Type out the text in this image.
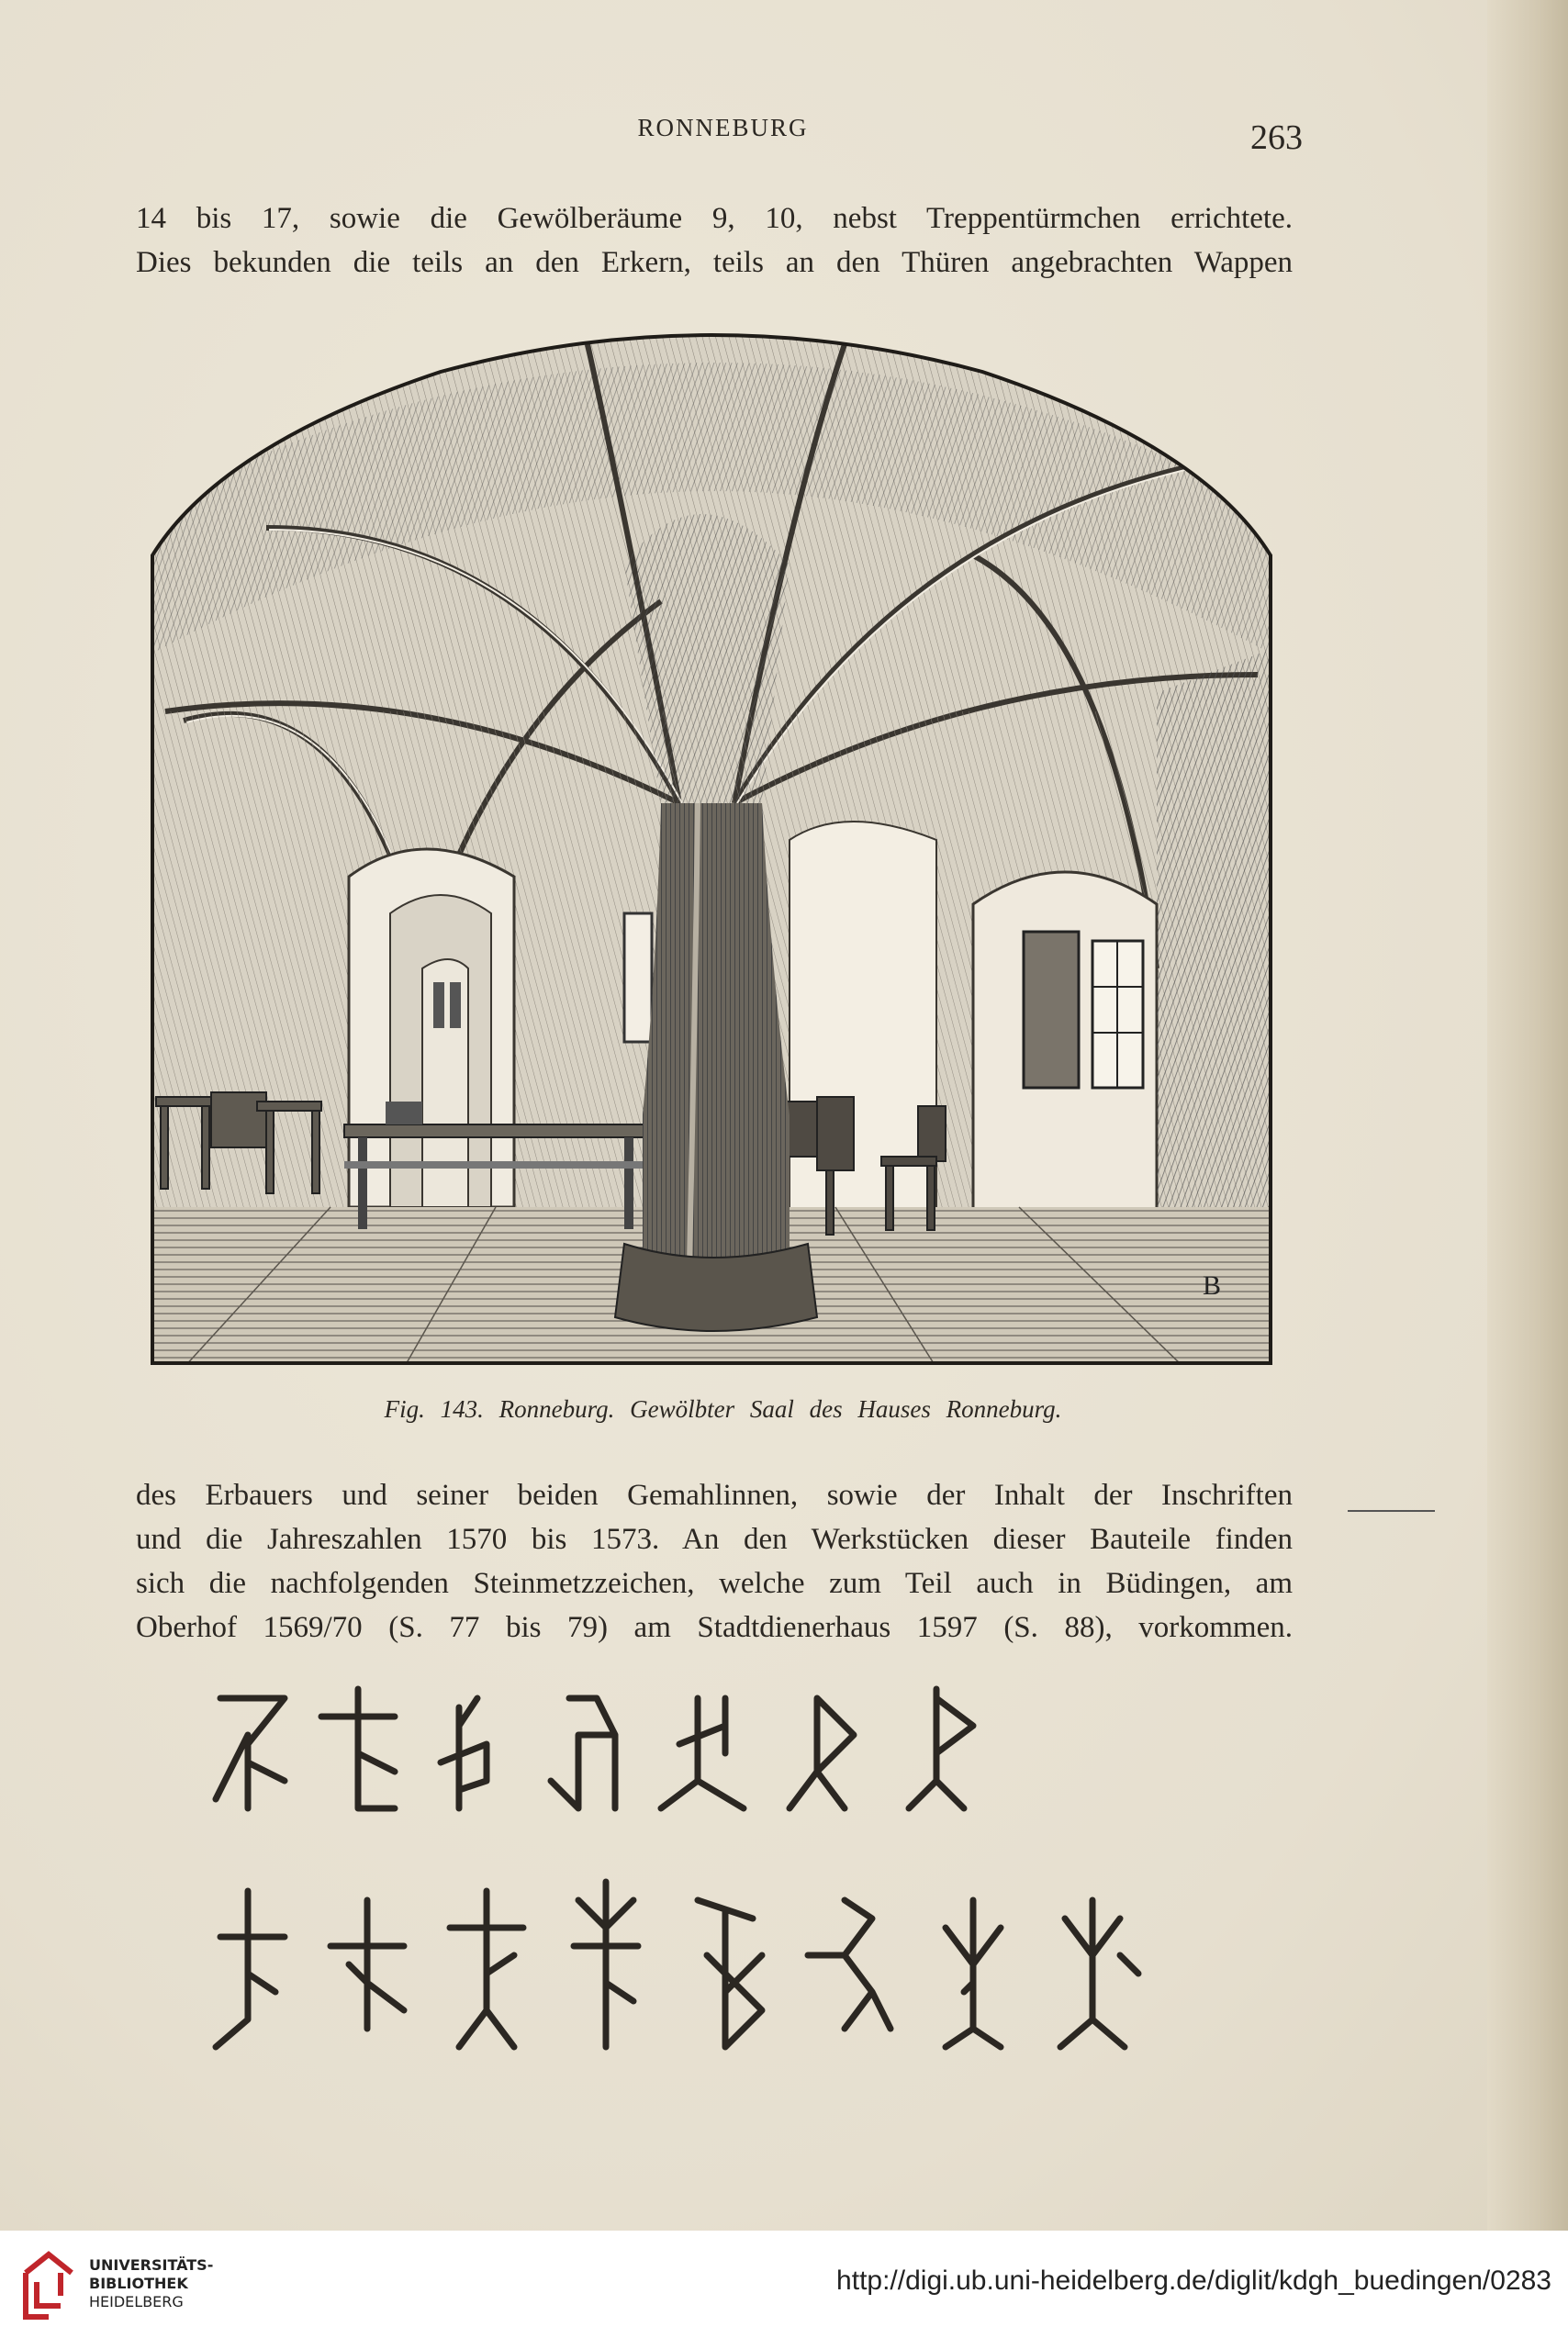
RONNEBURG	263
14 bis 17, sowie die Gewölberäume 9, 10, nebst Treppentürmchen errichtete.
Dies bekunden die teils an den Erkern, teils an den Thüren angebrachten Wappen
B
Fig. 143. Ronneburg. Gewölbter Saal des Hauses Ronneburg.
des Erbauers und seiner beiden Gemahlinnen, sowie der Inhalt der Inschriften
und die Jahreszahlen 1570 bis 1573. An den Werkstücken dieser Bauteile finden
sich die nachfolgenden Steinmetzzeichen, welche zum Teil auch in Büdingen, am
Oberhof 1569/70 (S. 77 bis 79) am Stadtdienerhaus 1597 (S. 88), vorkommen.
UNIVERSITÄTS-
BIBLIOTHEK
HEIDELBERG
http://digi.ub.uni-heidelberg.de/diglit/kdgh_buedingen/0283
